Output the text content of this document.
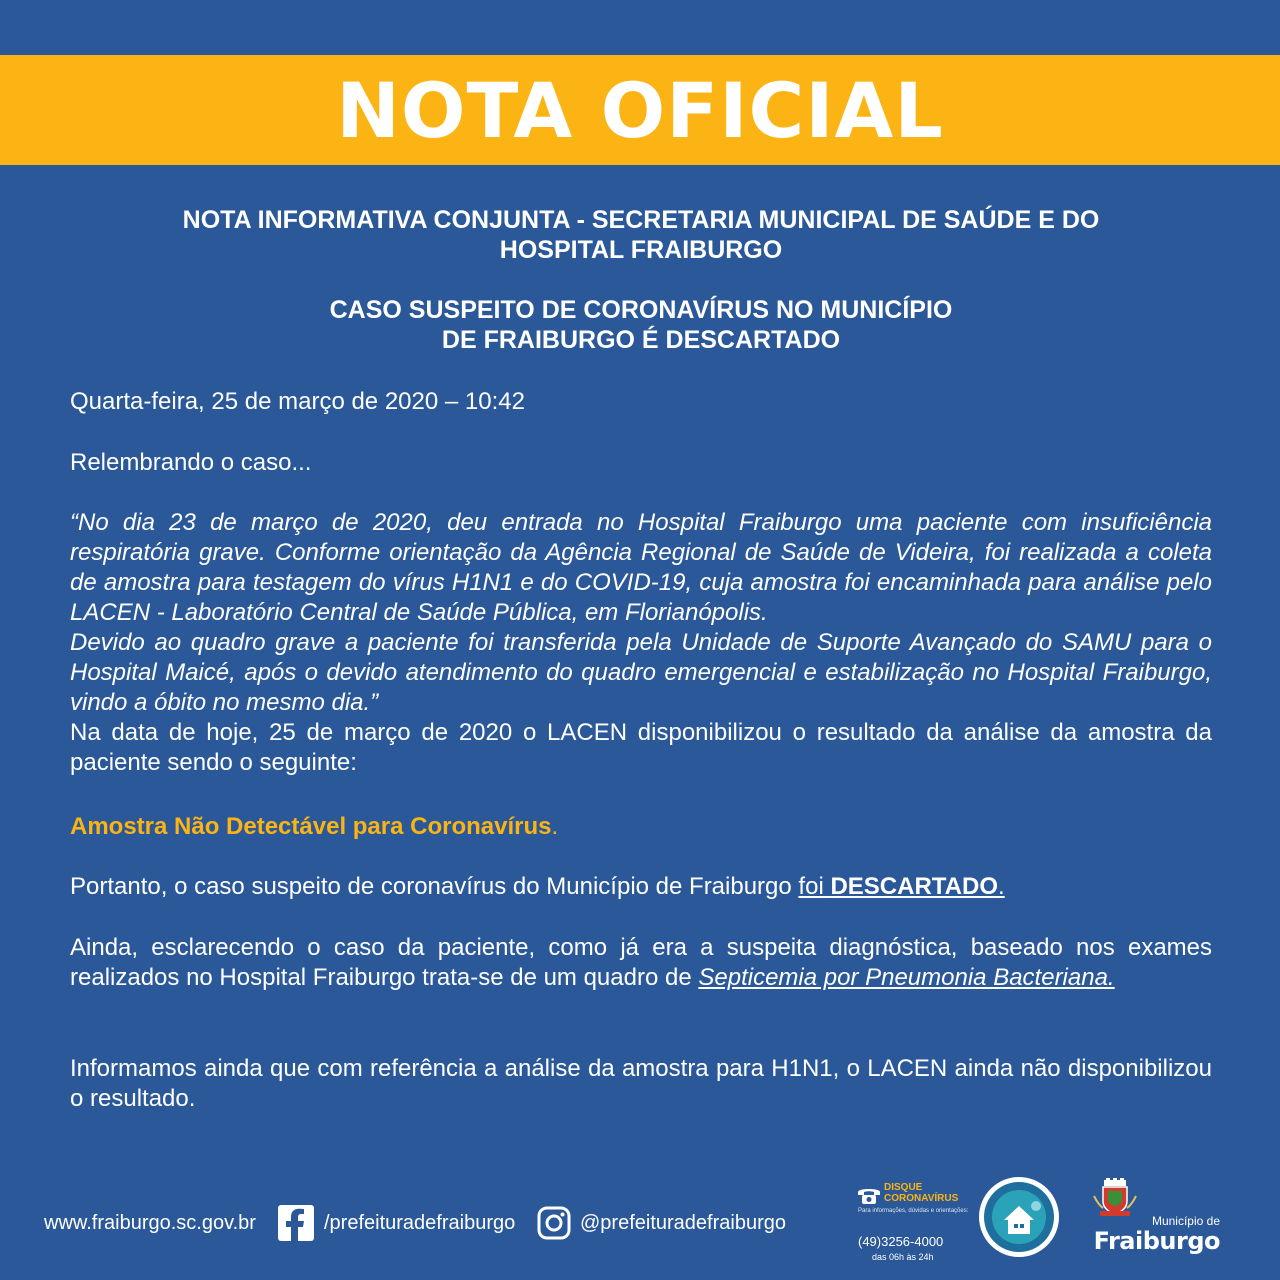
NOTA OFICIAL
NOTA INFORMATIVA CONJUNTA - SECRETARIA MUNICIPAL DE SAÚDE E DO
HOSPITAL FRAIBURGO
CASO SUSPEITO DE CORONAVÍRUS NO MUNICÍPIO
DE FRAIBURGO É DESCARTADO
Quarta-feira, 25 de março de 2020 – 10:42
Relembrando o caso...

“No dia 23 de março de 2020, deu entrada no Hospital Fraiburgo uma paciente com insuficiência respiratória grave. Conforme orientação da Agência Regional de Saúde de Videira, foi realizada a coleta de amostra para testagem do vírus H1N1 e do COVID-19, cuja amostra foi encaminhada para análise pelo LACEN - Laboratório Central de Saúde Pública, em Florianópolis.

Devido ao quadro grave a paciente foi transferida pela Unidade de Suporte Avançado do SAMU para o Hospital Maicé, após o devido atendimento do quadro emergencial e estabilização no Hospital Fraiburgo, vindo a óbito no mesmo dia.”

Na data de hoje, 25 de março de 2020 o LACEN disponibilizou o resultado da análise da amostra da paciente sendo o seguinte:

Amostra Não Detectável para Coronavírus.
Portanto, o caso suspeito de coronavírus do Município de Fraiburgo foi DESCARTADO.
Ainda, esclarecendo o caso da paciente, como já era a suspeita diagnóstica, baseado nos exames realizados no Hospital Fraiburgo trata-se de um quadro de Septicemia por Pneumonia Bacteriana.
Informamos ainda que com referência a análise da amostra para H1N1, o LACEN ainda não disponibilizou o resultado.
www.fraiburgo.sc.gov.br	/prefeituradefraiburgo	@prefeituradefraiburgo
DISQUE CORONAVÍRUS
Para informações, dúvidas e orientações:
(49)3256-4000
das 06h às 24h
Município de
Fraiburgo
